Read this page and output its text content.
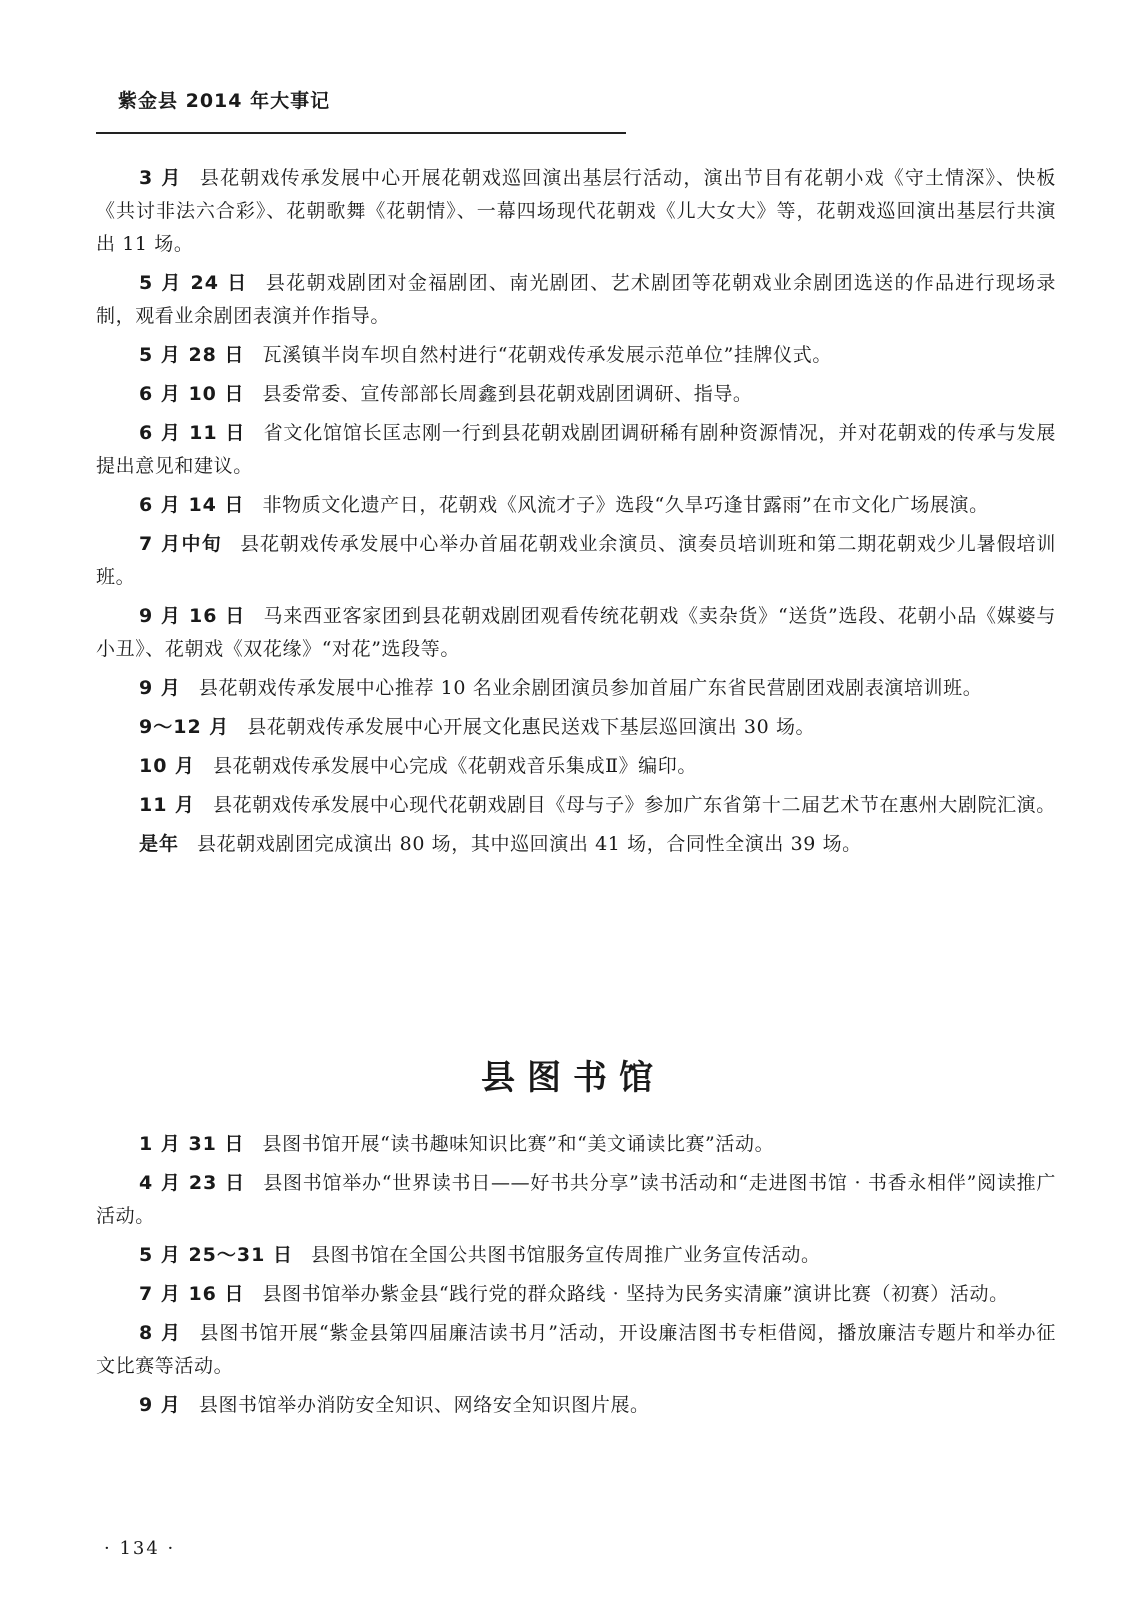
紫金县 2014 年大事记

3 月 县花朝戏传承发展中心开展花朝戏巡回演出基层行活动，演出节目有花朝小戏《守土情深》、快板《共讨非法六合彩》、花朝歌舞《花朝情》、一幕四场现代花朝戏《儿大女大》等，花朝戏巡回演出基层行共演出 11 场。

5 月 24 日 县花朝戏剧团对金福剧团、南光剧团、艺术剧团等花朝戏业余剧团选送的作品进行现场录制，观看业余剧团表演并作指导。

5 月 28 日 瓦溪镇半岗车坝自然村进行“花朝戏传承发展示范单位”挂牌仪式。

6 月 10 日 县委常委、宣传部部长周鑫到县花朝戏剧团调研、指导。

6 月 11 日 省文化馆馆长匡志刚一行到县花朝戏剧团调研稀有剧种资源情况，并对花朝戏的传承与发展提出意见和建议。

6 月 14 日 非物质文化遗产日，花朝戏《风流才子》选段“久旱巧逢甘露雨”在市文化广场展演。

7 月中旬 县花朝戏传承发展中心举办首届花朝戏业余演员、演奏员培训班和第二期花朝戏少儿暑假培训班。

9 月 16 日 马来西亚客家团到县花朝戏剧团观看传统花朝戏《卖杂货》“送货”选段、花朝小品《媒婆与小丑》、花朝戏《双花缘》“对花”选段等。

9 月 县花朝戏传承发展中心推荐 10 名业余剧团演员参加首届广东省民营剧团戏剧表演培训班。

9～12 月 县花朝戏传承发展中心开展文化惠民送戏下基层巡回演出 30 场。

10 月 县花朝戏传承发展中心完成《花朝戏音乐集成Ⅱ》编印。

11 月 县花朝戏传承发展中心现代花朝戏剧目《母与子》参加广东省第十二届艺术节在惠州大剧院汇演。

是年 县花朝戏剧团完成演出 80 场，其中巡回演出 41 场，合同性全演出 39 场。

县图书馆

1 月 31 日 县图书馆开展“读书趣味知识比赛”和“美文诵读比赛”活动。

4 月 23 日 县图书馆举办“世界读书日——好书共分享”读书活动和“走进图书馆 · 书香永相伴”阅读推广活动。

5 月 25～31 日 县图书馆在全国公共图书馆服务宣传周推广业务宣传活动。

7 月 16 日 县图书馆举办紫金县“践行党的群众路线 · 坚持为民务实清廉”演讲比赛（初赛）活动。

8 月 县图书馆开展“紫金县第四届廉洁读书月”活动，开设廉洁图书专柜借阅，播放廉洁专题片和举办征文比赛等活动。

9 月 县图书馆举办消防安全知识、网络安全知识图片展。

· 134 ·
